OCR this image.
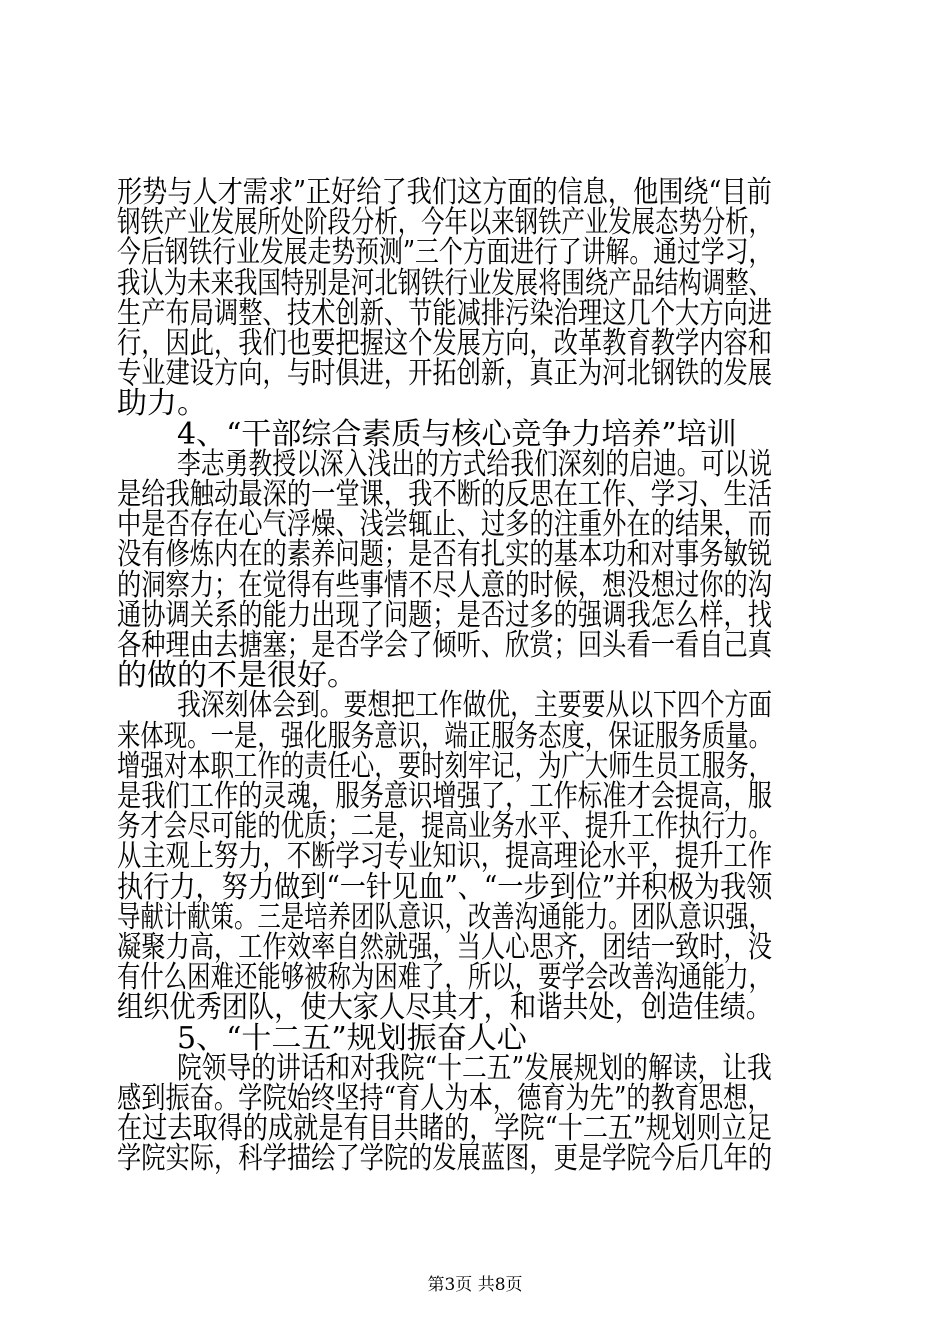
形势与人才需求”正好给了我们这方面的信息，他围绕“目前
钢铁产业发展所处阶段分析，今年以来钢铁产业发展态势分析，
今后钢铁行业发展走势预测”三个方面进行了讲解。通过学习，
我认为未来我国特别是河北钢铁行业发展将围绕产品结构调整、
生产布局调整、技术创新、节能减排污染治理这几个大方向进
行，因此，我们也要把握这个发展方向，改革教育教学内容和
专业建设方向，与时俱进，开拓创新，真正为河北钢铁的发展
助力。
4、“干部综合素质与核心竞争力培养”培训
李志勇教授以深入浅出的方式给我们深刻的启迪。可以说
是给我触动最深的一堂课，我不断的反思在工作、学习、生活
中是否存在心气浮燥、浅尝辄止、过多的注重外在的结果，而
没有修炼内在的素养问题；是否有扎实的基本功和对事务敏锐
的洞察力；在觉得有些事情不尽人意的时候，想没想过你的沟
通协调关系的能力出现了问题；是否过多的强调我怎么样，找
各种理由去搪塞；是否学会了倾听、欣赏；回头看一看自己真
的做的不是很好。
我深刻体会到。要想把工作做优，主要要从以下四个方面
来体现。一是，强化服务意识，端正服务态度，保证服务质量。
增强对本职工作的责任心，要时刻牢记，为广大师生员工服务，
是我们工作的灵魂，服务意识增强了，工作标准才会提高，服
务才会尽可能的优质；二是，提高业务水平、提升工作执行力。
从主观上努力，不断学习专业知识，提高理论水平，提升工作
执行力，努力做到“一针见血”、“一步到位”并积极为我领
导献计献策。三是培养团队意识，改善沟通能力。团队意识强，
凝聚力高，工作效率自然就强，当人心思齐，团结一致时，没
有什么困难还能够被称为困难了，所以，要学会改善沟通能力，
组织优秀团队，使大家人尽其才，和谐共处，创造佳绩。
5、“十二五”规划振奋人心
院领导的讲话和对我院“十二五”发展规划的解读，让我
感到振奋。学院始终坚持“育人为本，德育为先”的教育思想，
在过去取得的成就是有目共睹的，学院“十二五”规划则立足
学院实际，科学描绘了学院的发展蓝图，更是学院今后几年的
第3页 共8页
